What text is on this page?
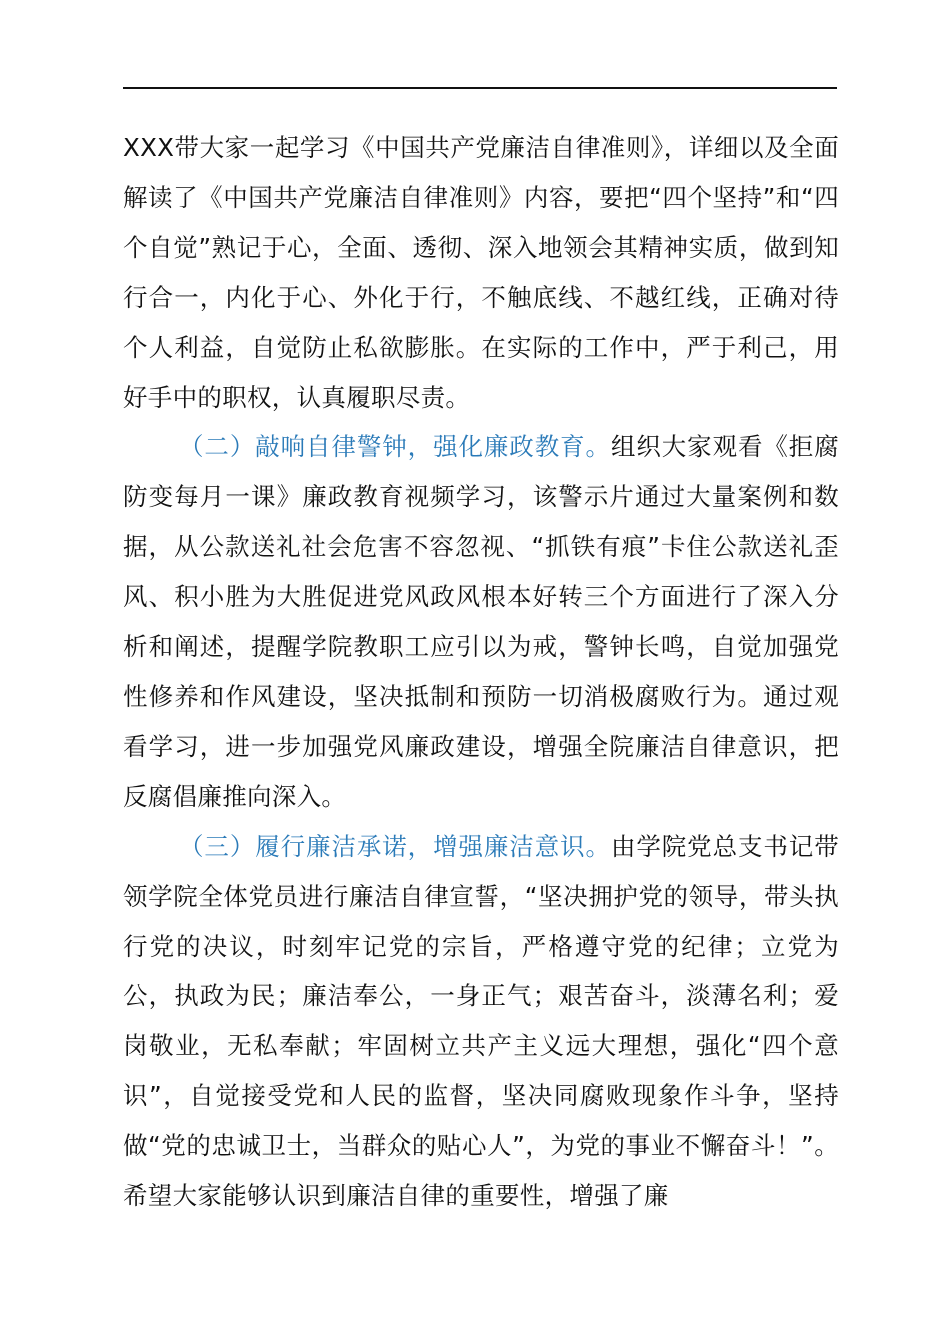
XXX带大家一起学习《中国共产党廉洁自律准则》，详细以及全面解读了《中国共产党廉洁自律准则》内容，要把“四个坚持”和“四个自觉”熟记于心，全面、透彻、深入地领会其精神实质，做到知行合一，内化于心、外化于行，不触底线、不越红线，正确对待个人利益，自觉防止私欲膨胀。在实际的工作中，严于利己，用好手中的职权，认真履职尽责。

（二）敲响自律警钟，强化廉政教育。组织大家观看《拒腐防变每月一课》廉政教育视频学习，该警示片通过大量案例和数据，从公款送礼社会危害不容忽视、“抓铁有痕”卡住公款送礼歪风、积小胜为大胜促进党风政风根本好转三个方面进行了深入分析和阐述，提醒学院教职工应引以为戒，警钟长鸣，自觉加强党性修养和作风建设，坚决抵制和预防一切消极腐败行为。通过观看学习，进一步加强党风廉政建设，增强全院廉洁自律意识，把反腐倡廉推向深入。

（三）履行廉洁承诺，增强廉洁意识。由学院党总支书记带领学院全体党员进行廉洁自律宣誓，“坚决拥护党的领导，带头执行党的决议，时刻牢记党的宗旨，严格遵守党的纪律；立党为公，执政为民；廉洁奉公，一身正气；艰苦奋斗，淡薄名利；爱岗敬业，无私奉献；牢固树立共产主义远大理想，强化“四个意识”，自觉接受党和人民的监督，坚决同腐败现象作斗争，坚持做“党的忠诚卫士，当群众的贴心人”，为党的事业不懈奋斗！”。希望大家能够认识到廉洁自律的重要性，增强了廉
